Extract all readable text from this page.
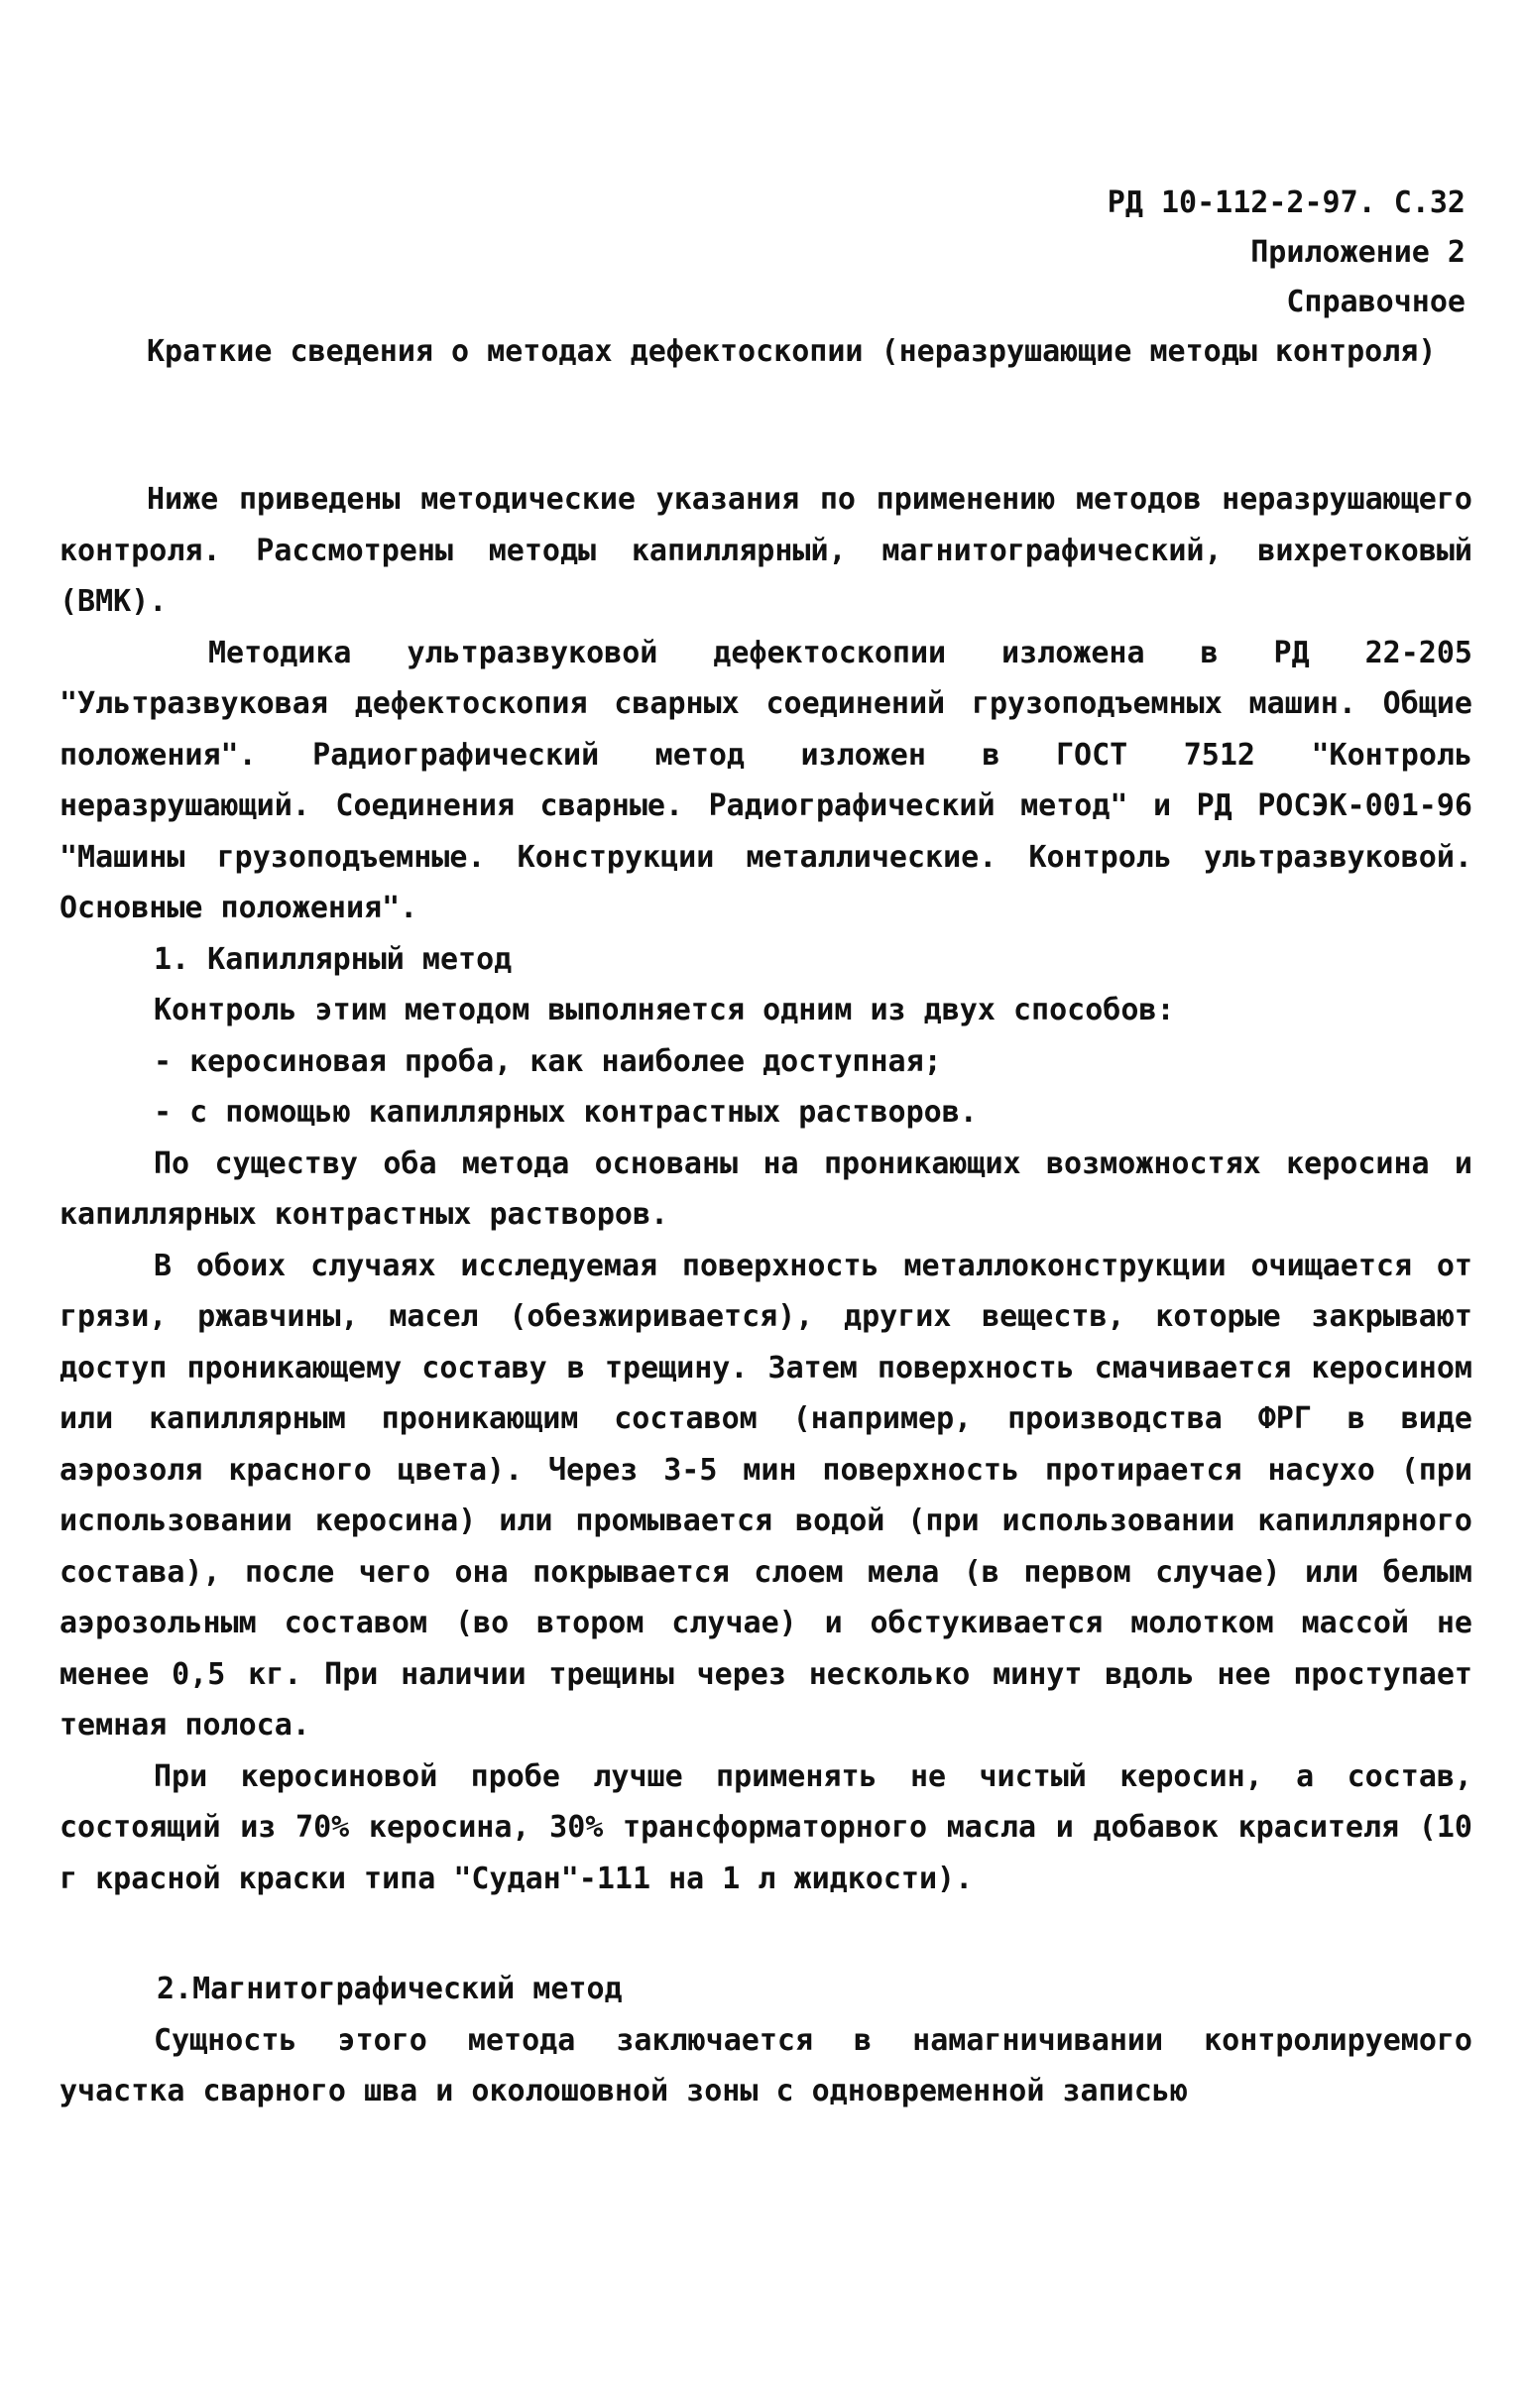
РД 10-112-2-97. С.32
Приложение 2
Справочное
Краткие сведения о методах дефектоскопии (неразрушающие методы контроля)

Ниже приведены методические указания по применению методов неразрушающего контроля. Рассмотрены методы капиллярный, магнитографический, вихретоковый (ВМК).

Методика ультразвуковой дефектоскопии изложена в РД 22-205 "Ультразвуковая дефектоскопия сварных соединений грузоподъемных машин. Общие положения". Радиографический метод изложен в ГОСТ 7512 "Контроль неразрушающий. Соединения сварные. Радиографический метод" и РД РОСЭК-001-96 "Машины грузоподъемные. Конструкции металлические. Контроль ультразвуковой. Основные положения".

1. Капиллярный метод

Контроль этим методом выполняется одним из двух способов:

- керосиновая проба, как наиболее доступная;

- с помощью капиллярных контрастных растворов.

По существу оба метода основаны на проникающих возможностях керосина и капиллярных контрастных растворов.

В обоих случаях исследуемая поверхность металлоконструкции очищается от грязи, ржавчины, масел (обезжиривается), других веществ, которые закрывают доступ проникающему составу в трещину. Затем поверхность смачивается керосином или капиллярным проникающим составом (например, производства ФРГ в виде аэрозоля красного цвета). Через 3-5 мин поверхность протирается насухо (при использовании керосина) или промывается водой (при использовании капиллярного состава), после чего она покрывается слоем мела (в первом случае) или белым аэрозольным составом (во втором случае) и обстукивается молотком массой не менее 0,5 кг. При наличии трещины через несколько минут вдоль нее проступает темная полоса.

При керосиновой пробе лучше применять не чистый керосин, а состав, состоящий из 70% керосина, 30% трансформаторного масла и добавок красителя (10 г красной краски типа "Судан"-111 на 1 л жидкости).

2.Магнитографический метод

Сущность этого метода заключается в намагничивании контролируемого участка сварного шва и околошовной зоны с одновременной записью
